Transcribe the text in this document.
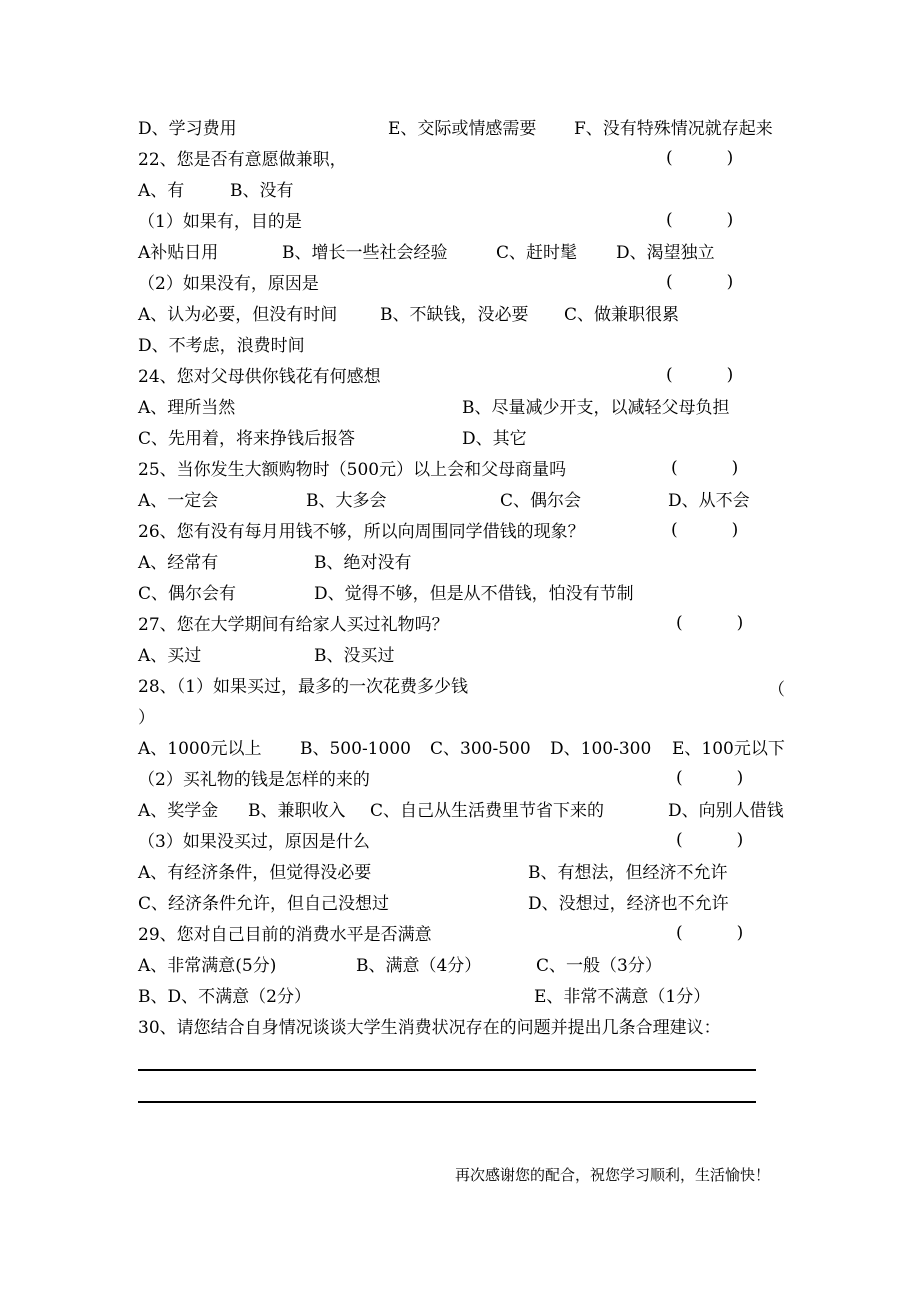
D、学习费用	E、交际或情感需要 F、没有特殊情况就存起来
22、您是否有意愿做兼职，	(          )
A、有	B、没有
（1）如果有，目的是	(          )
A补贴日用	B、增长一些社会经验	C、赶时髦 D、渴望独立
（2）如果没有，原因是	(          )
A、认为必要，但没有时间	B、不缺钱，没必要 C、做兼职很累
D、不考虑，浪费时间
24、您对父母供你钱花有何感想	(          )
A、理所当然	B、尽量减少开支，以减轻父母负担
C、先用着，将来挣钱后报答	D、其它
25、当你发生大额购物时（500元）以上会和父母商量吗	(          )
A、一定会	B、大多会	C、偶尔会	D、从不会
26、您有没有每月用钱不够，所以向周围同学借钱的现象？	(          )
A、经常有	B、绝对没有
C、偶尔会有	D、觉得不够，但是从不借钱，怕没有节制
27、您在大学期间有给家人买过礼物吗？	(          )
A、买过	B、没买过
28、（1）如果买过，最多的一次花费多少钱	（
）
A、1000元以上 B、500-1000 C、300-500 D、100-300 E、100元以下
（2）买礼物的钱是怎样的来的	(          )
A、奖学金 B、兼职收入 C、自己从生活费里节省下来的	D、向别人借钱
（3）如果没买过，原因是什么	(          )
A、有经济条件，但觉得没必要	B、有想法，但经济不允许
C、经济条件允许，但自己没想过	D、没想过，经济也不允许
29、您对自己目前的消费水平是否满意	(          )
A、非常满意(5分)	B、满意（4分）	C、一般（3分）
B、D、不满意（2分）	E、非常不满意（1分）
30、请您结合自身情况谈谈大学生消费状况存在的问题并提出几条合理建议：
再次感谢您的配合，祝您学习顺利，生活愉快！
